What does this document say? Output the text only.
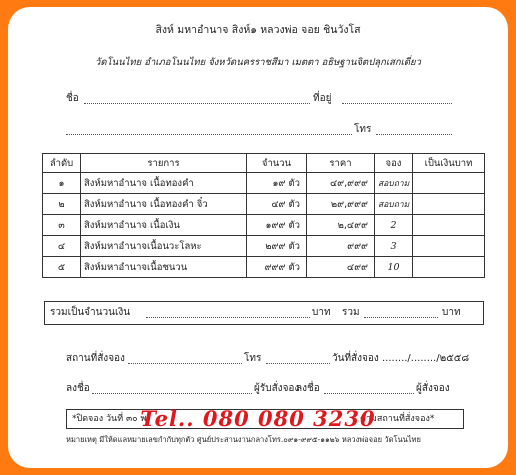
สิงห์ มหาอำนาจ สิงห์๑ หลวงพ่อ จอย ชินวังโส
วัดโนนไทย อำเภอโนนไทย จังหวัดนครราชสีมา เมตตา อธิษฐานจิตปลุกเสกเดี่ยว
ชื่อ	ที่อยู่
โทร
ลำดับ	รายการ	จำนวน	ราคา	จอง	เป็นเงินบาท
๑	สิงห์มหาอำนาจ เนื้อทองคำ	๑๙ ตัว	๔๙,๙๙๙	สอบถาม	
๒	สิงห์มหาอำนาจ เนื้อทองคำ จิ๋ว	๔๙ ตัว	๒๙,๙๙๙	สอบถาม	
๓	สิงห์มหาอำนาจ เนื้อเงิน	๑๙๙ ตัว	๒,๔๙๙	2	
๔	สิงห์มหาอำนาจเนื้อนวะโลหะ	๒๙๙ ตัว	๙๙๙	3	
๕	สิงห์มหาอำนาจเนื้อชนวน	๙๙๙ ตัว	๔๙๙	10	
รวมเป็นจำนวนเงิน	บาท รวม	บาท
สถานที่สั่งจอง	โทร	วันที่สั่งจอง ......../......../๒๕๕๘
ลงชื่อ	ผู้รับสั่งจอง
ลงชื่อ	ผู้สั่งจอง
*ปิดจอง วันที่ ๓๐ พ	ตามสถานที่สั่งจอง*
หมายเหตุ มีให้ดแลหมายเลขกำกับทุกตัว ศูนย์ประสานงานกลางโทร.๐๙๑-๙๙๕-๑๑๒๖ หลวงพ่อจอย วัดโนนไทย
Tel.. 080 080 3230
